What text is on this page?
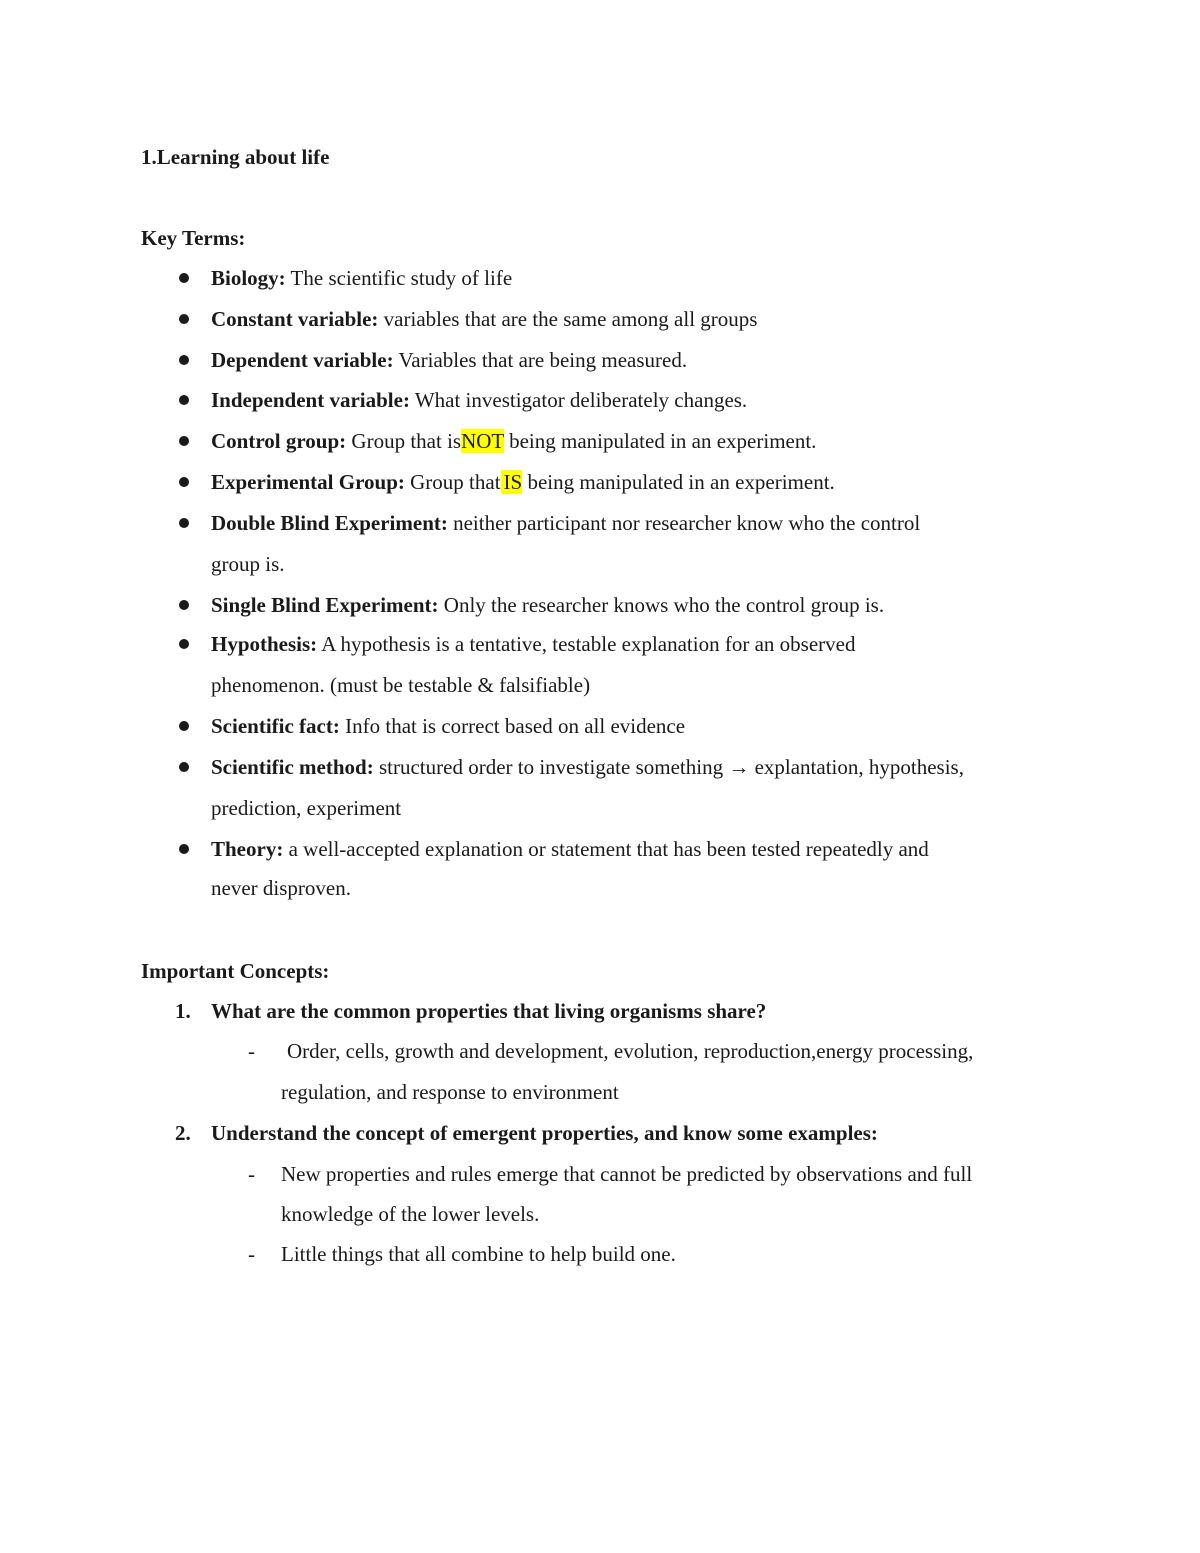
1.Learning about life
Key Terms:
Biology: The scientific study of life
Constant variable: variables that are the same among all groups
Dependent variable: Variables that are being measured.
Independent variable: What investigator deliberately changes.
Control group: Group that isNOT being manipulated in an experiment.
Experimental Group: Group that IS being manipulated in an experiment.
Double Blind Experiment: neither participant nor researcher know who the control
group is.
Single Blind Experiment: Only the researcher knows who the control group is.
Hypothesis: A hypothesis is a tentative, testable explanation for an observed
phenomenon. (must be testable & falsifiable)
Scientific fact: Info that is correct based on all evidence
Scientific method: structured order to investigate something → explantation, hypothesis,
prediction, experiment
Theory: a well-accepted explanation or statement that has been tested repeatedly and
never disproven.
Important Concepts:
1. What are the common properties that living organisms share?
- Order, cells, growth and development, evolution, reproduction,energy processing,
regulation, and response to environment
2. Understand the concept of emergent properties, and know some examples:
- New properties and rules emerge that cannot be predicted by observations and full
knowledge of the lower levels.
- Little things that all combine to help build one.
